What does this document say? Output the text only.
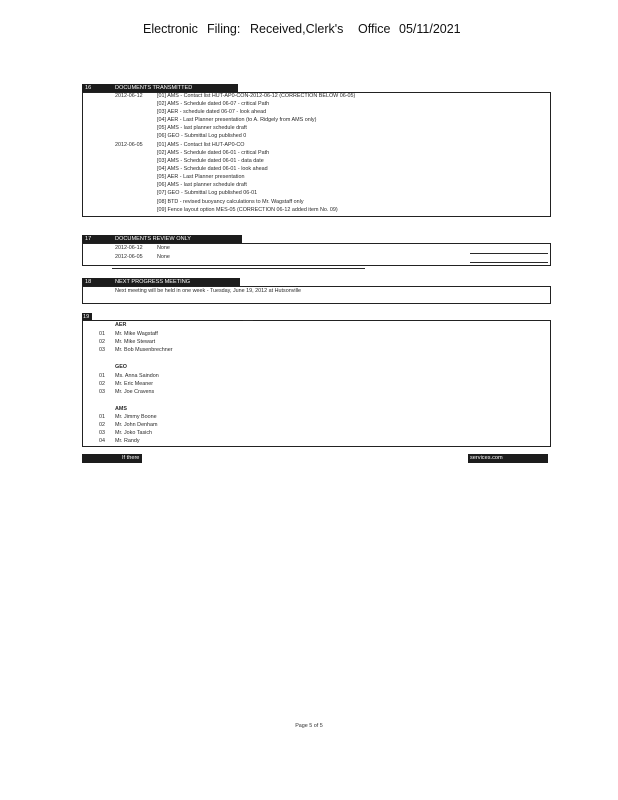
Electronic Filing: Received,Clerk's Office 05/11/2021
16	DOCUMENTS TRANSMITTED
2012-06-12	[01] AMS - Contact list HUT-AP0-CON-2012-06-12 (CORRECTION BELOW 06-05)
[02] AMS - Schedule dated 06-07 - critical Path
[03] AER - schedule dated 06-07 - look ahead
[04] AER - Last Planner presentation (to A. Ridgely from AMS only)
[05] AMS - last planner schedule draft
[06] GEO - Submittal Log published 0
2012-06-05	[01] AMS - Contact list HUT-AP0-CO
[02] AMS - Schedule dated 06-01 - critical Path
[03] AMS - Schedule dated 06-01 - data date
[04] AMS - Schedule dated 06-01 - look ahead
[05] AER - Last Planner presentation
[06] AMS - last planner schedule draft
[07] GEO - Submittal Log published 06-01
[08] BTD - revised buoyancy calculations to Mr. Wagstaff only
[09] Fence layout option MES-05 (CORRECTION 06-12 added item No. 09)
17	DOCUMENTS REVIEW ONLY
2012-06-12	None
2012-06-05	None
18	NEXT PROGRESS MEETING
Next meeting will be held in one week - Tuesday, June 19, 2012 at Hutsonville
19
AER
01 Mr. Mike Wagstaff
02 Mr. Mike Stewart
03 Mr. Bob Musenbrechner
GEO
01 Ms. Anna Saindon
02 Mr. Eric Meaner
03 Mr. Joe Cravens
AMS
01 Mr. Jimmy Boone
02 Mr. John Denham
03 Mr. Joko Tasich
04 Mr. Randy
If there	services.com
Page 5 of 5
